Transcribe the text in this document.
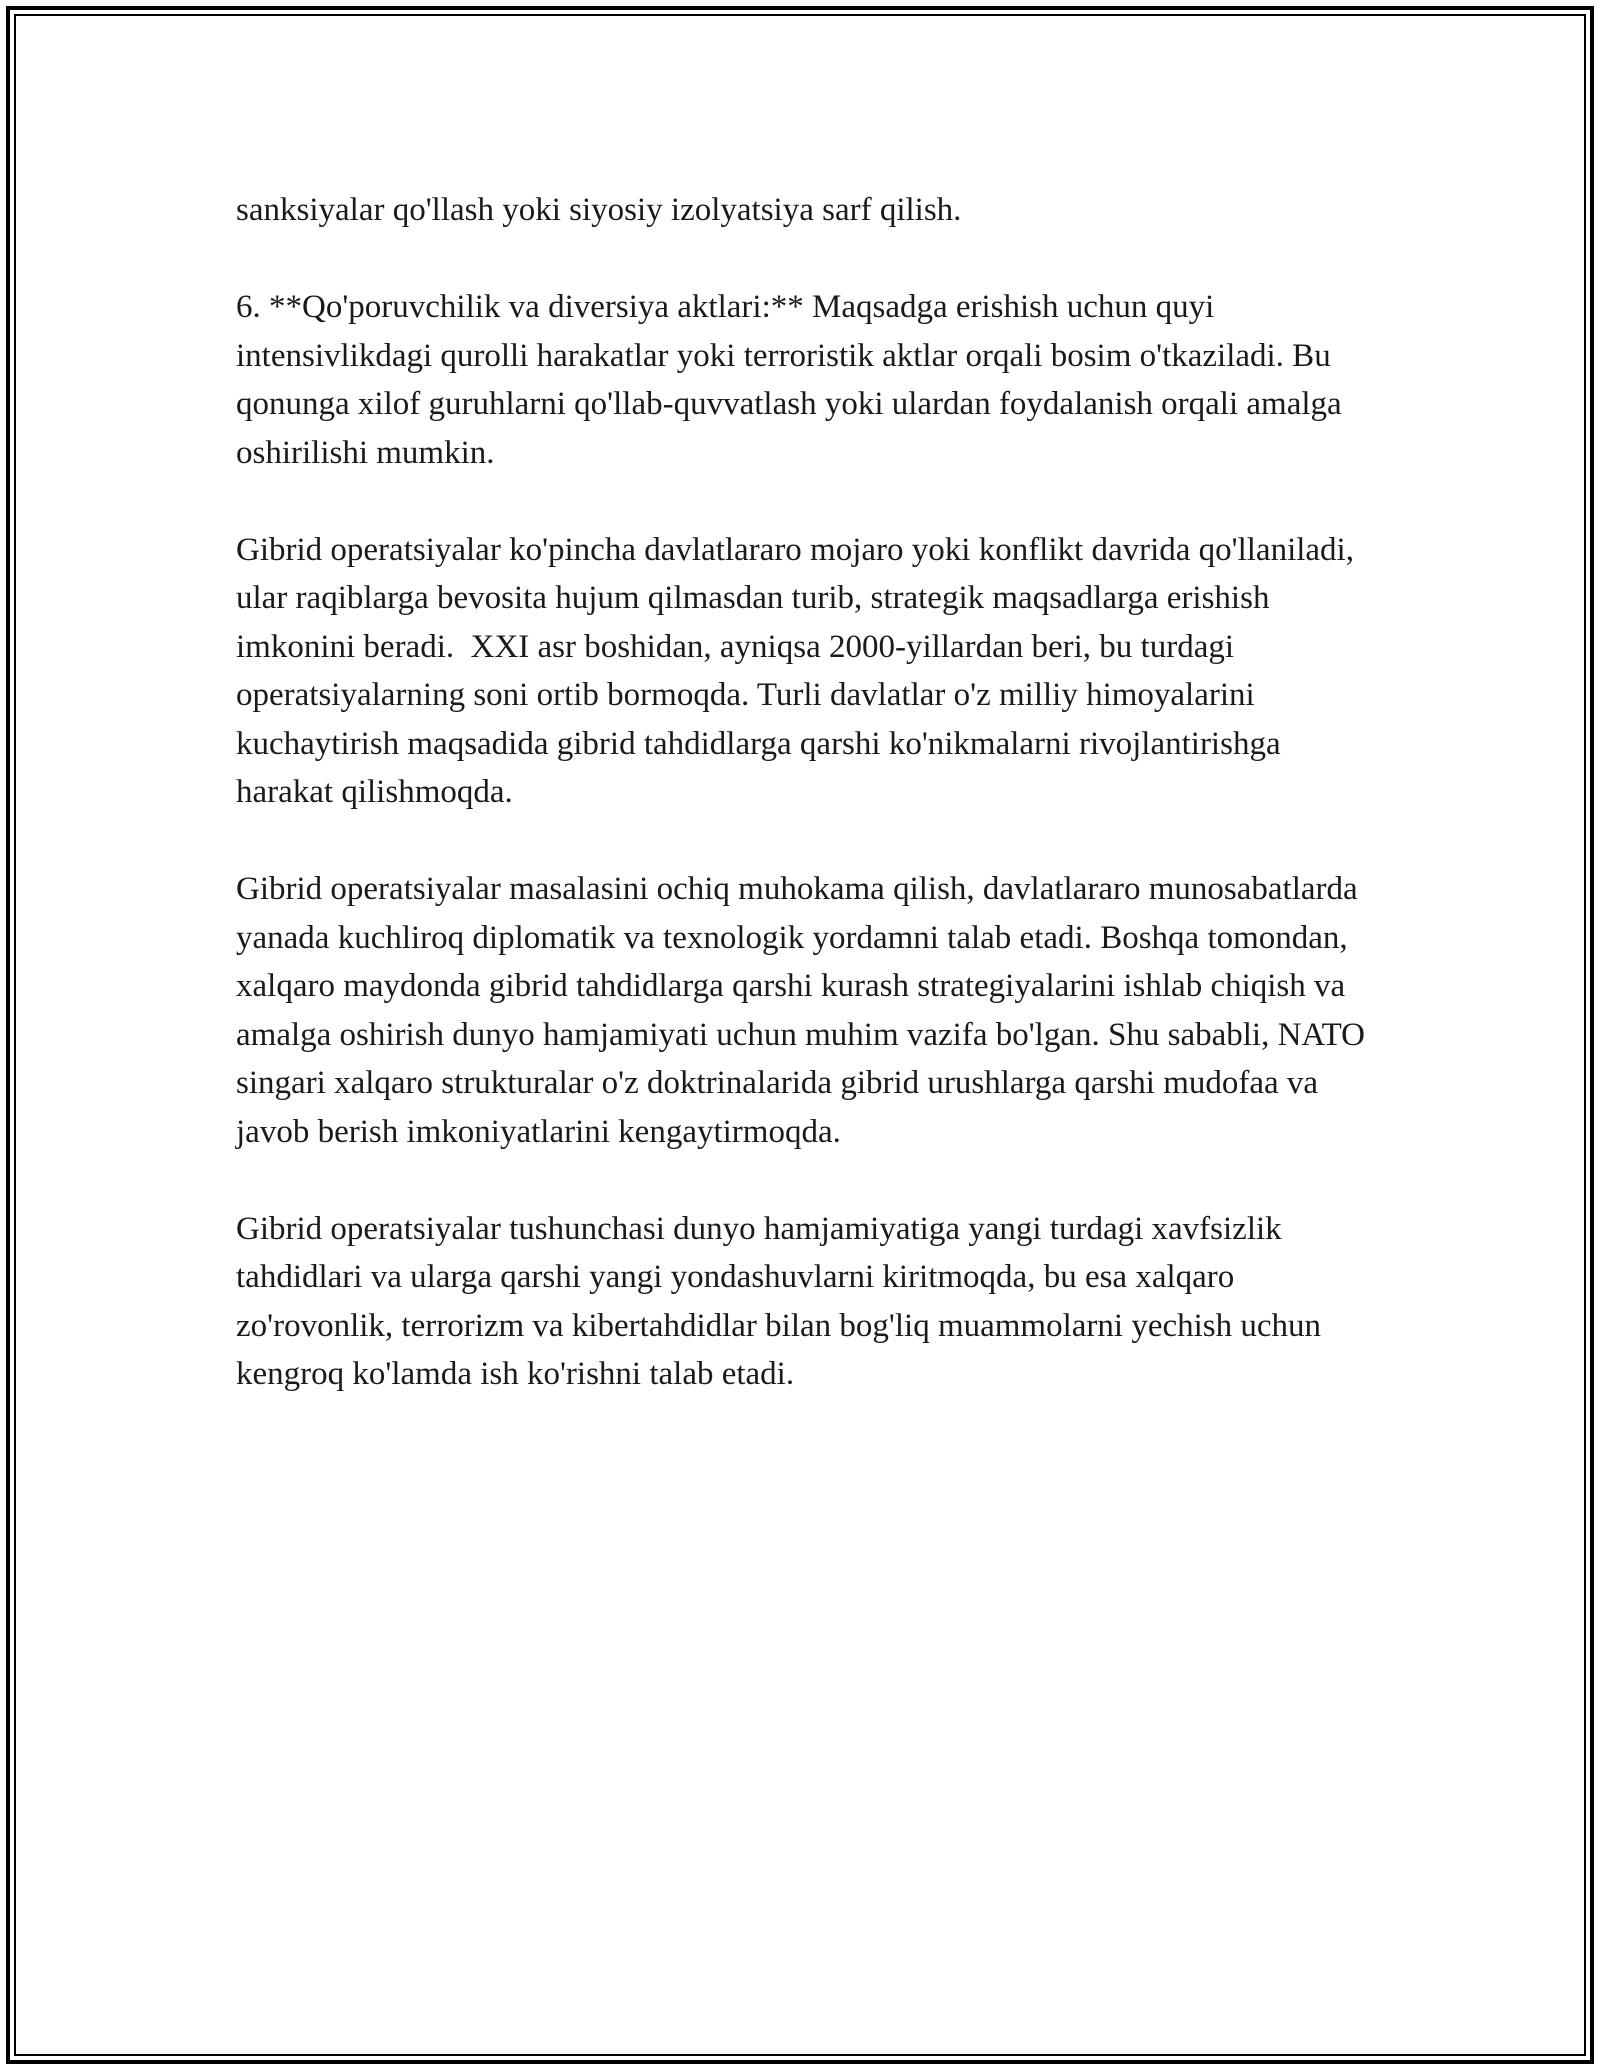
sanksiyalar qo'llash yoki siyosiy izolyatsiya sarf qilish.

6. **Qo'poruvchilik va diversiya aktlari:** Maqsadga erishish uchun quyi intensivlikdagi qurolli harakatlar yoki terroristik aktlar orqali bosim o'tkaziladi. Bu qonunga xilof guruhlarni qo'llab-quvvatlash yoki ulardan foydalanish orqali amalga oshirilishi mumkin.

Gibrid operatsiyalar ko'pincha davlatlararo mojaro yoki konflikt davrida qo'llaniladi, ular raqiblarga bevosita hujum qilmasdan turib, strategik maqsadlarga erishish imkonini beradi.  XXI asr boshidan, ayniqsa 2000-yillardan beri, bu turdagi operatsiyalarning soni ortib bormoqda. Turli davlatlar o'z milliy himoyalarini kuchaytirish maqsadida gibrid tahdidlarga qarshi ko'nikmalarni rivojlantirishga harakat qilishmoqda.

Gibrid operatsiyalar masalasini ochiq muhokama qilish, davlatlararo munosabatlarda yanada kuchliroq diplomatik va texnologik yordamni talab etadi. Boshqa tomondan, xalqaro maydonda gibrid tahdidlarga qarshi kurash strategiyalarini ishlab chiqish va amalga oshirish dunyo hamjamiyati uchun muhim vazifa bo'lgan. Shu sababli, NATO singari xalqaro strukturalar o'z doktrinalarida gibrid urushlarga qarshi mudofaa va javob berish imkoniyatlarini kengaytirmoqda.

Gibrid operatsiyalar tushunchasi dunyo hamjamiyatiga yangi turdagi xavfsizlik tahdidlari va ularga qarshi yangi yondashuvlarni kiritmoqda, bu esa xalqaro zo'rovonlik, terrorizm va kibertahdidlar bilan bog'liq muammolarni yechish uchun kengroq ko'lamda ish ko'rishni talab etadi.
